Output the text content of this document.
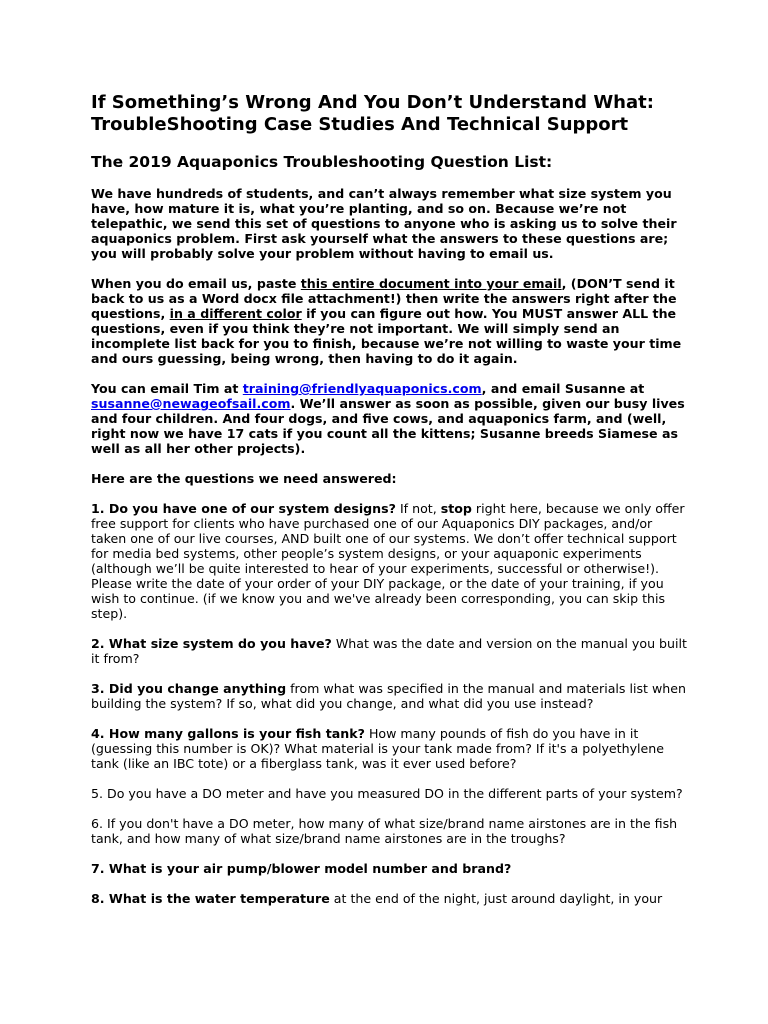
If Something’s Wrong And You Don’t Understand What:
TroubleShooting Case Studies And Technical Support
The 2019 Aquaponics Troubleshooting Question List:

We have hundreds of students, and can’t always remember what size system you have, how mature it is, what you’re planting, and so on. Because we’re not telepathic, we send this set of questions to anyone who is asking us to solve their aquaponics problem. First ask yourself what the answers to these questions are; you will probably solve your problem without having to email us.

When you do email us, paste this entire document into your email, (DON’T send it back to us as a Word docx file attachment!) then write the answers right after the questions, in a different color if you can figure out how. You MUST answer ALL the questions, even if you think they’re not important. We will simply send an incomplete list back for you to finish, because we’re not willing to waste your time and ours guessing, being wrong, then having to do it again.

You can email Tim at training@friendlyaquaponics.com, and email Susanne at susanne@newageofsail.com. We’ll answer as soon as possible, given our busy lives and four children. And four dogs, and five cows, and aquaponics farm, and (well, right now we have 17 cats if you count all the kittens; Susanne breeds Siamese as well as all her other projects).

Here are the questions we need answered:

1. Do you have one of our system designs? If not, stop right here, because we only offer free support for clients who have purchased one of our Aquaponics DIY packages, and/or taken one of our live courses, AND built one of our systems. We don’t offer technical support for media bed systems, other people’s system designs, or your aquaponic experiments (although we’ll be quite interested to hear of your experiments, successful or otherwise!). Please write the date of your order of your DIY package, or the date of your training, if you wish to continue. (if we know you and we've already been corresponding, you can skip this step).

2. What size system do you have? What was the date and version on the manual you built it from?

3. Did you change anything from what was specified in the manual and materials list when building the system? If so, what did you change, and what did you use instead?

4. How many gallons is your fish tank? How many pounds of fish do you have in it (guessing this number is OK)? What material is your tank made from? If it's a polyethylene tank (like an IBC tote) or a fiberglass tank, was it ever used before?

5. Do you have a DO meter and have you measured DO in the different parts of your system?

6. If you don't have a DO meter, how many of what size/brand name airstones are in the fish tank, and how many of what size/brand name airstones are in the troughs?

7. What is your air pump/blower model number and brand?

8. What is the water temperature at the end of the night, just around daylight, in your
